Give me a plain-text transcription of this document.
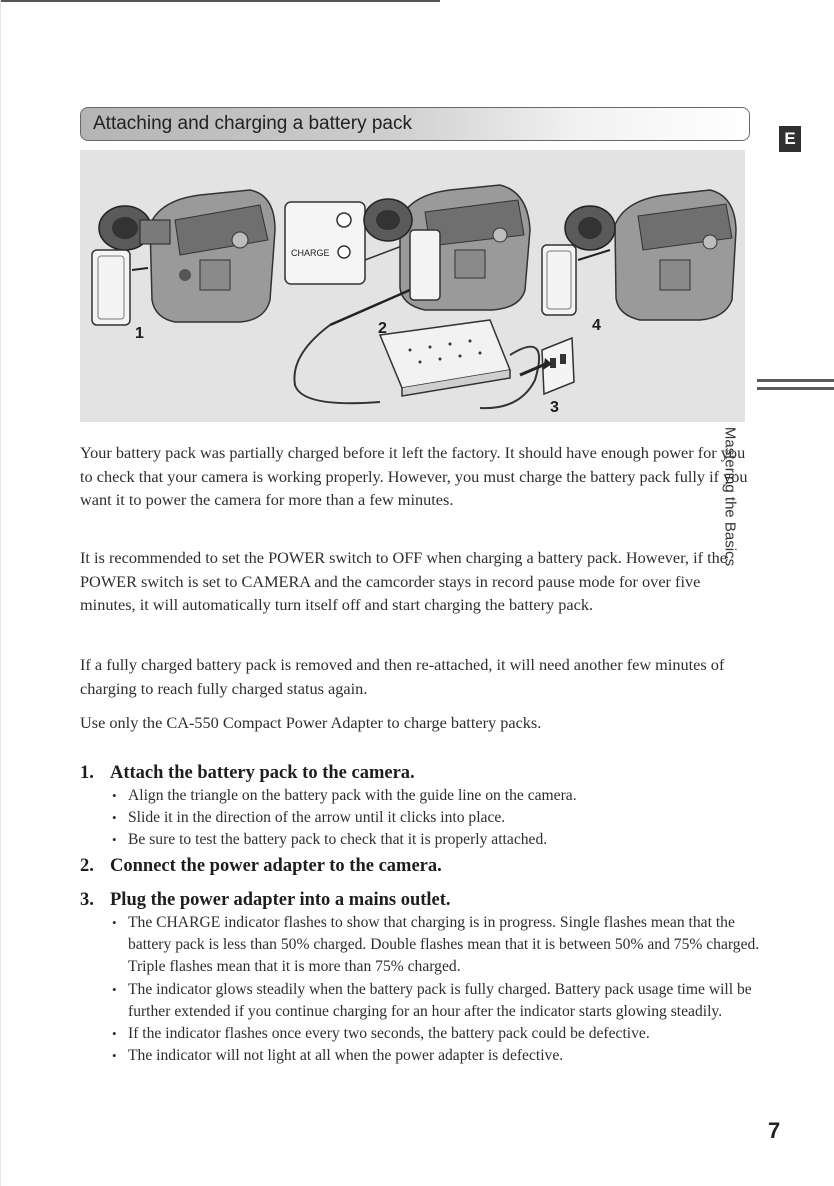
Attaching and charging a battery pack
E
Mastering the Basics
CHARGE
1	2
3
4

Your battery pack was partially charged before it left the factory. It should have enough power for you to check that your camera is working properly. However, you must charge the battery pack fully if you want it to power the camera for more than a few minutes.

It is recommended to set the POWER switch to OFF when charging a battery pack. However, if the POWER switch is set to CAMERA and the camcorder stays in record pause mode for over five minutes, it will automatically turn itself off and start charging the battery pack.

If a fully charged battery pack is removed and then re-attached, it will need another few minutes of charging to reach fully charged status again.

Use only the CA-550 Compact Power Adapter to charge battery packs.

1. Attach the battery pack to the camera.
• Align the triangle on the battery pack with the guide line on the camera.
• Slide it in the direction of the arrow until it clicks into place.
• Be sure to test the battery pack to check that it is properly attached.
2. Connect the power adapter to the camera.
3. Plug the power adapter into a mains outlet.
• The CHARGE indicator flashes to show that charging is in progress. Single flashes mean that the battery pack is less than 50% charged. Double flashes mean that it is between 50% and 75% charged. Triple flashes mean that it is more than 75% charged.
• The indicator glows steadily when the battery pack is fully charged. Battery pack usage time will be further extended if you continue charging for an hour after the indicator starts glowing steadily.
• If the indicator flashes once every two seconds, the battery pack could be defective.
• The indicator will not light at all when the power adapter is defective.
7
